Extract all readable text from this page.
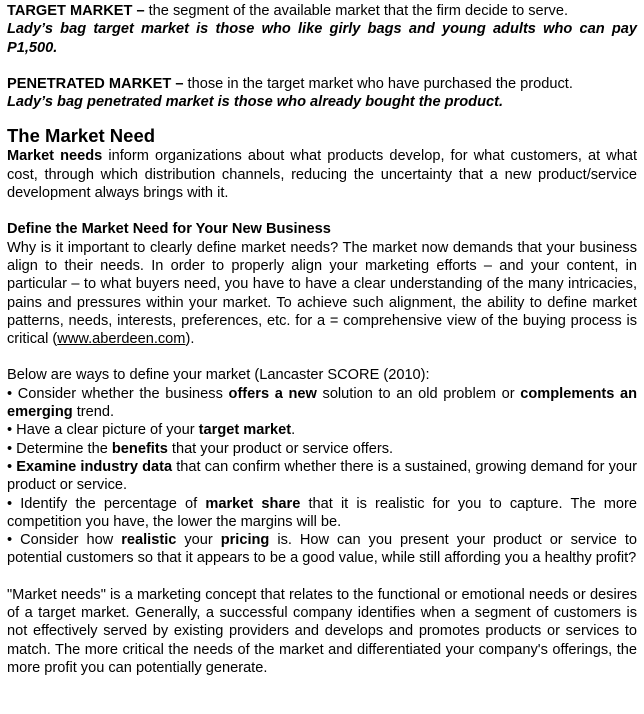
TARGET MARKET – the segment of the available market that the firm decide to serve.

Lady’s bag target market is those who like girly bags and young adults who can pay P1,500.

PENETRATED MARKET – those in the target market who have purchased the product.

Lady’s bag penetrated market is those who already bought the product.

The Market Need

Market needs inform organizations about what products develop, for what customers, at what cost, through which distribution channels, reducing the uncertainty that a new product/service development always brings with it.

Define the Market Need for Your New Business

Why is it important to clearly define market needs? The market now demands that your business align to their needs. In order to properly align your marketing efforts – and your content, in particular – to what buyers need, you have to have a clear understanding of the many intricacies, pains and pressures within your market. To achieve such alignment, the ability to define market patterns, needs, interests, preferences, etc. for a = comprehensive view of the buying process is critical (www.aberdeen.com).

Below are ways to define your market (Lancaster SCORE (2010):

• Consider whether the business offers a new solution to an old problem or complements an emerging trend.

• Have a clear picture of your target market.

• Determine the benefits that your product or service offers.

• Examine industry data that can confirm whether there is a sustained, growing demand for your product or service.

• Identify the percentage of market share that it is realistic for you to capture. The more competition you have, the lower the margins will be.

• Consider how realistic your pricing is. How can you present your product or service to potential customers so that it appears to be a good value, while still affording you a healthy profit?

"Market needs" is a marketing concept that relates to the functional or emotional needs or desires of a target market. Generally, a successful company identifies when a segment of customers is not effectively served by existing providers and develops and promotes products or services to match. The more critical the needs of the market and differentiated your company's offerings, the more profit you can potentially generate.
